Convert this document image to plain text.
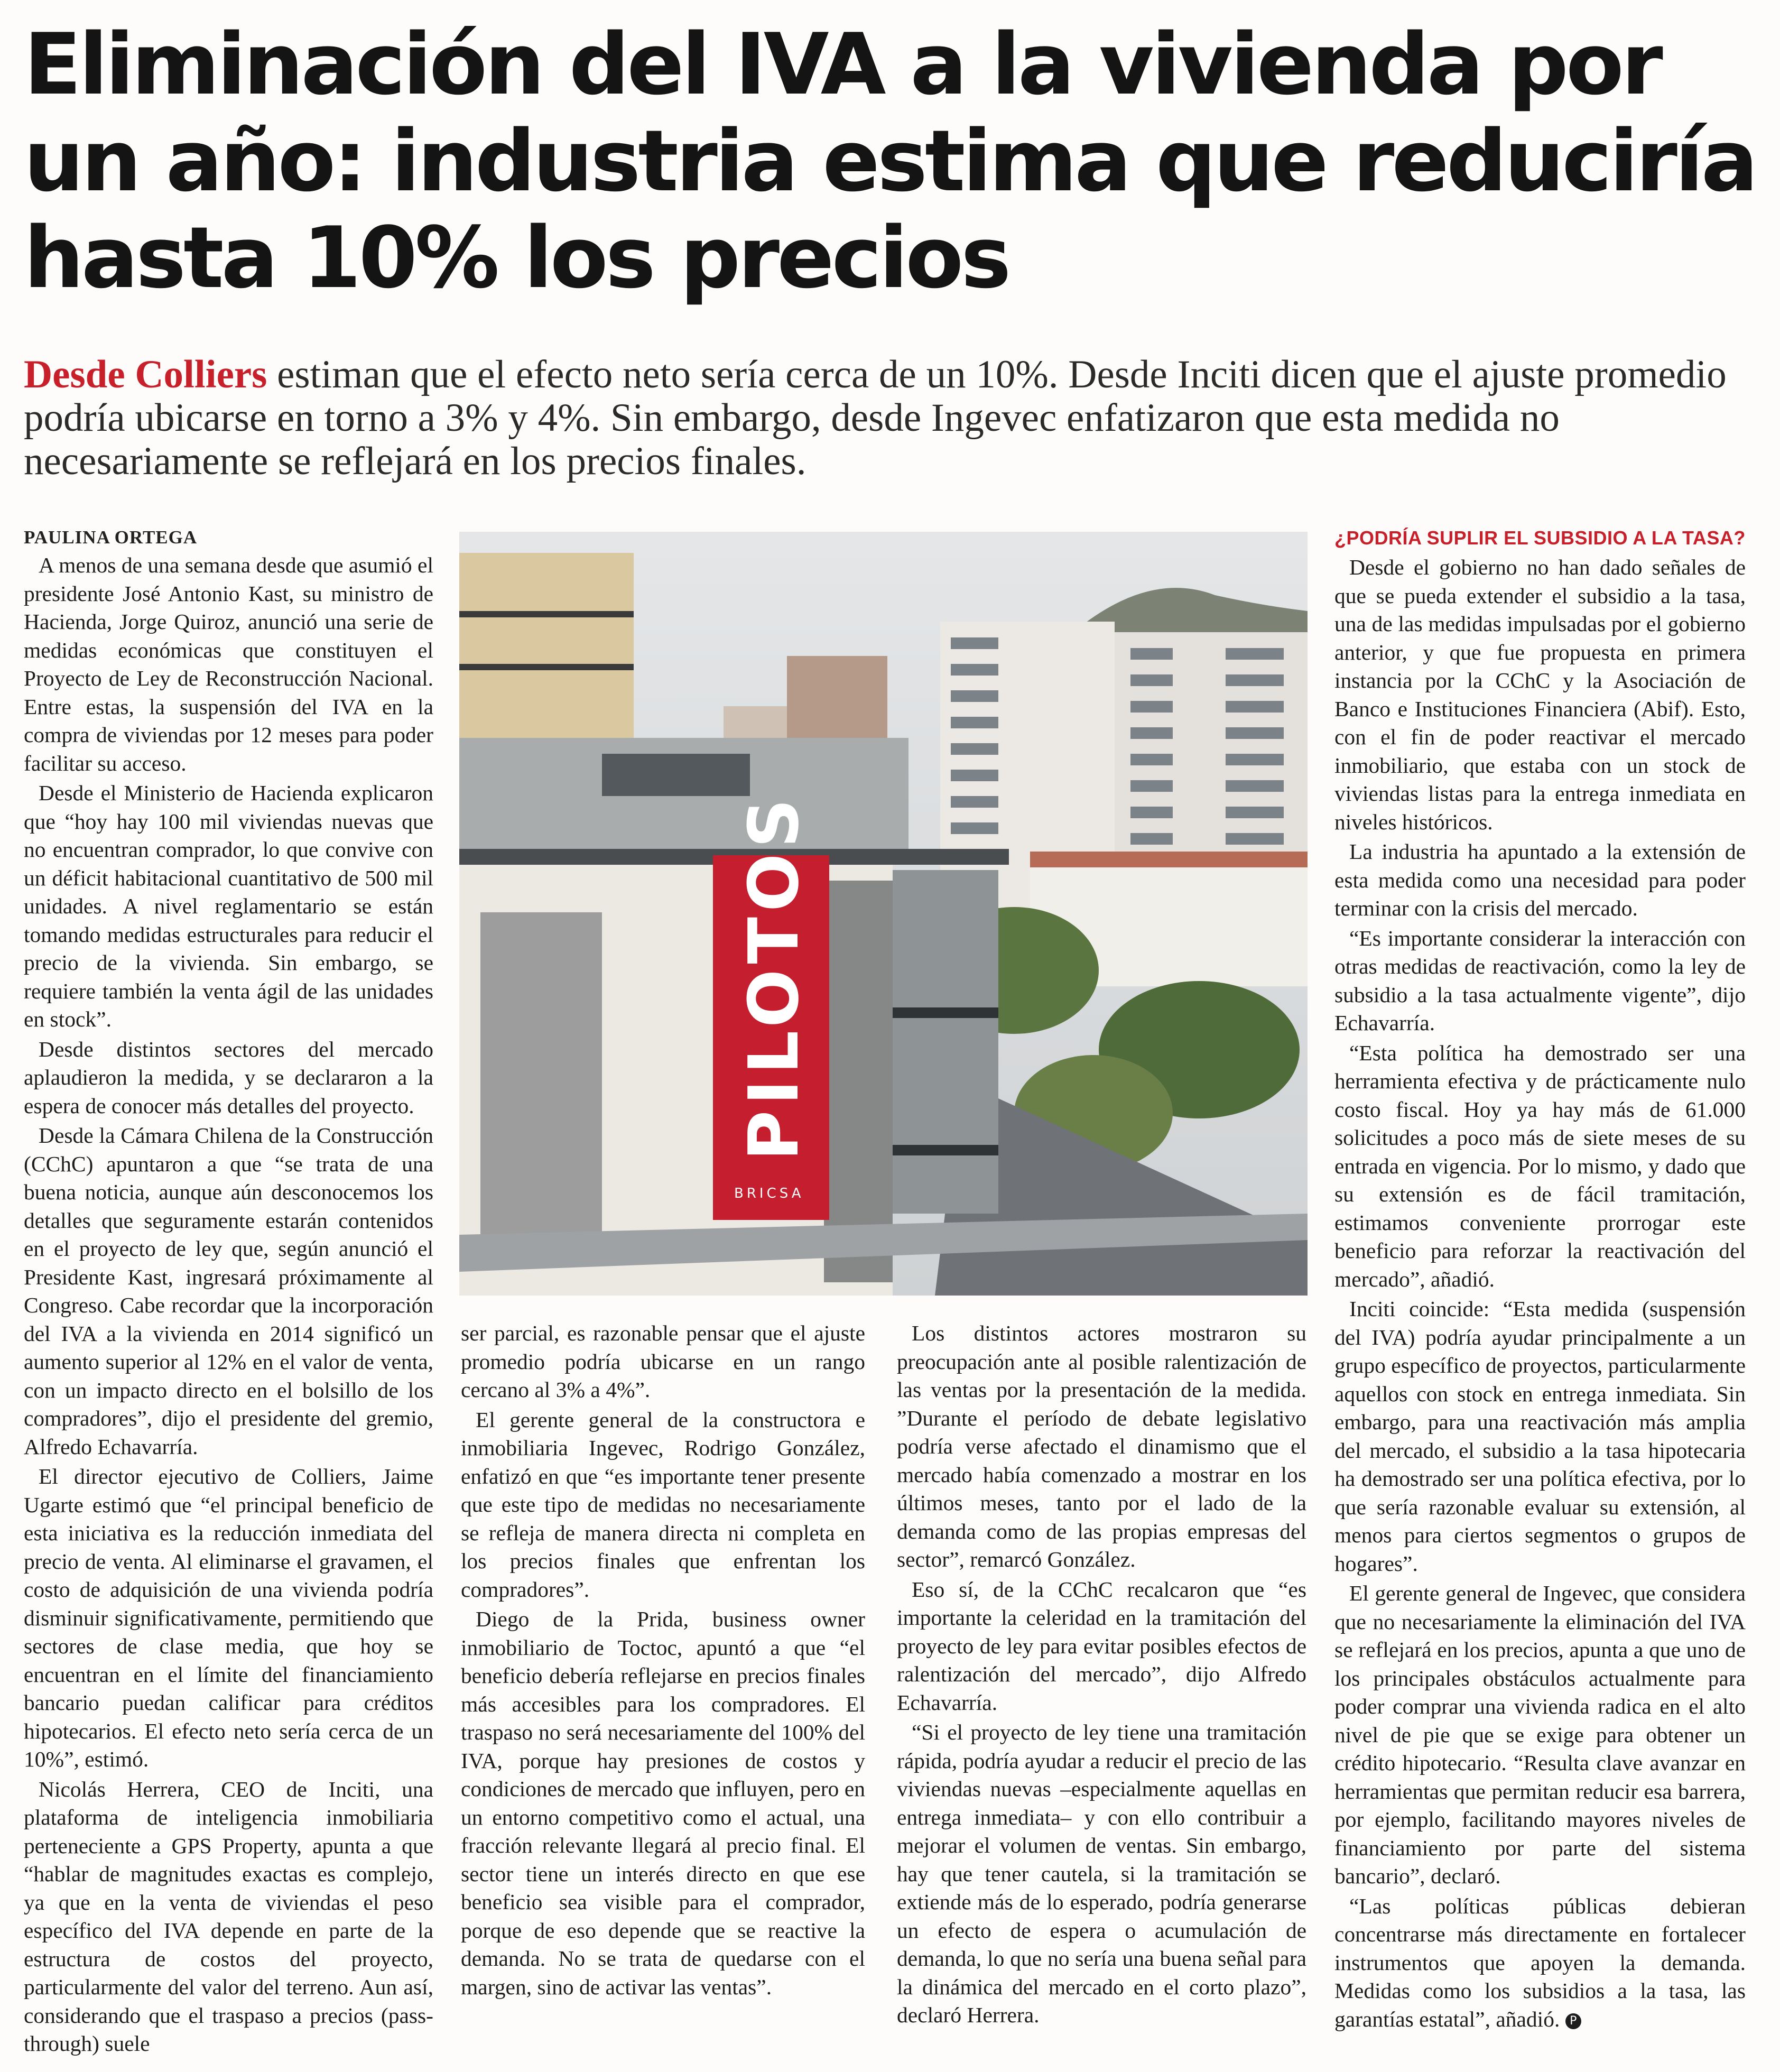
Eliminación del IVA a la vivienda por un año: industria estima que reduciría hasta 10% los precios

Desde Colliers estiman que el efecto neto sería cerca de un 10%. Desde Inciti dicen que el ajuste promedio podría ubicarse en torno a 3% y 4%. Sin embargo, desde Ingevec enfatizaron que esta medida no necesariamente se reflejará en los precios finales.

PAULINA ORTEGA

A menos de una semana desde que asumió el presidente José Antonio Kast, su ministro de Hacienda, Jorge Quiroz, anunció una serie de medidas económicas que constituyen el Proyecto de Ley de Reconstrucción Nacional. Entre estas, la suspensión del IVA en la compra de viviendas por 12 meses para poder facilitar su acceso.

Desde el Ministerio de Hacienda explicaron que “hoy hay 100 mil viviendas nuevas que no encuentran comprador, lo que convive con un déficit habitacional cuantitativo de 500 mil unidades. A nivel reglamentario se están tomando medidas estructurales para reducir el precio de la vivienda. Sin embargo, se requiere también la venta ágil de las unidades en stock”.

Desde distintos sectores del mercado aplaudieron la medida, y se declararon a la espera de conocer más detalles del proyecto.

Desde la Cámara Chilena de la Construcción (CChC) apuntaron a que “se trata de una buena noticia, aunque aún desconocemos los detalles que seguramente estarán contenidos en el proyecto de ley que, según anunció el Presidente Kast, ingresará próximamente al Congreso. Cabe recordar que la incorporación del IVA a la vivienda en 2014 significó un aumento superior al 12% en el valor de venta, con un impacto directo en el bolsillo de los compradores”, dijo el presidente del gremio, Alfredo Echavarría.

El director ejecutivo de Colliers, Jaime Ugarte estimó que “el principal beneficio de esta iniciativa es la reducción inmediata del precio de venta. Al eliminarse el gravamen, el costo de adquisición de una vivienda podría disminuir significativamente, permitiendo que sectores de clase media, que hoy se encuentran en el límite del financiamiento bancario puedan calificar para créditos hipotecarios. El efecto neto sería cerca de un 10%”, estimó.

Nicolás Herrera, CEO de Inciti, una plataforma de inteligencia inmobiliaria perteneciente a GPS Property, apunta a que “hablar de magnitudes exactas es complejo, ya que en la venta de viviendas el peso específico del IVA depende en parte de la estructura de costos del proyecto, particularmente del valor del terreno. Aun así, considerando que el traspaso a precios (pass-through) suele

PILOTOS
BRICSA

ser parcial, es razonable pensar que el ajuste promedio podría ubicarse en un rango cercano al 3% a 4%”.

El gerente general de la constructora e inmobiliaria Ingevec, Rodrigo González, enfatizó en que “es importante tener presente que este tipo de medidas no necesariamente se refleja de manera directa ni completa en los precios finales que enfrentan los compradores”.

Diego de la Prida, business owner inmobiliario de Toctoc, apuntó a que “el beneficio debería reflejarse en precios finales más accesibles para los compradores. El traspaso no será necesariamente del 100% del IVA, porque hay presiones de costos y condiciones de mercado que influyen, pero en un entorno competitivo como el actual, una fracción relevante llegará al precio final. El sector tiene un interés directo en que ese beneficio sea visible para el comprador, porque de eso depende que se reactive la demanda. No se trata de quedarse con el margen, sino de activar las ventas”.

Los distintos actores mostraron su preocupación ante al posible ralentización de las ventas por la presentación de la medida. ”Durante el período de debate legislativo podría verse afectado el dinamismo que el mercado había comenzado a mostrar en los últimos meses, tanto por el lado de la demanda como de las propias empresas del sector”, remarcó González.

Eso sí, de la CChC recalcaron que “es importante la celeridad en la tramitación del proyecto de ley para evitar posibles efectos de ralentización del mercado”, dijo Alfredo Echavarría.

“Si el proyecto de ley tiene una tramitación rápida, podría ayudar a reducir el precio de las viviendas nuevas –especialmente aquellas en entrega inmediata– y con ello contribuir a mejorar el volumen de ventas. Sin embargo, hay que tener cautela, si la tramitación se extiende más de lo esperado, podría generarse un efecto de espera o acumulación de demanda, lo que no sería una buena señal para la dinámica del mercado en el corto plazo”, declaró Herrera.

¿PODRÍA SUPLIR EL SUBSIDIO A LA TASA?

Desde el gobierno no han dado señales de que se pueda extender el subsidio a la tasa, una de las medidas impulsadas por el gobierno anterior, y que fue propuesta en primera instancia por la CChC y la Asociación de Banco e Instituciones Financiera (Abif). Esto, con el fin de poder reactivar el mercado inmobiliario, que estaba con un stock de viviendas listas para la entrega inmediata en niveles históricos.

La industria ha apuntado a la extensión de esta medida como una necesidad para poder terminar con la crisis del mercado.

“Es importante considerar la interacción con otras medidas de reactivación, como la ley de subsidio a la tasa actualmente vigente”, dijo Echavarría.

“Esta política ha demostrado ser una herramienta efectiva y de prácticamente nulo costo fiscal. Hoy ya hay más de 61.000 solicitudes a poco más de siete meses de su entrada en vigencia. Por lo mismo, y dado que su extensión es de fácil tramitación, estimamos conveniente prorrogar este beneficio para reforzar la reactivación del mercado”, añadió.

Inciti coincide: “Esta medida (suspensión del IVA) podría ayudar principalmente a un grupo específico de proyectos, particularmente aquellos con stock en entrega inmediata. Sin embargo, para una reactivación más amplia del mercado, el subsidio a la tasa hipotecaria ha demostrado ser una política efectiva, por lo que sería razonable evaluar su extensión, al menos para ciertos segmentos o grupos de hogares”.

El gerente general de Ingevec, que considera que no necesariamente la eliminación del IVA se reflejará en los precios, apunta a que uno de los principales obstáculos actualmente para poder comprar una vivienda radica en el alto nivel de pie que se exige para obtener un crédito hipotecario. “Resulta clave avanzar en herramientas que permitan reducir esa barrera, por ejemplo, facilitando mayores niveles de financiamiento por parte del sistema bancario”, declaró.

“Las políticas públicas debieran concentrarse más directamente en fortalecer instrumentos que apoyen la demanda. Medidas como los subsidios a la tasa, las garantías estatal”, añadió. P
